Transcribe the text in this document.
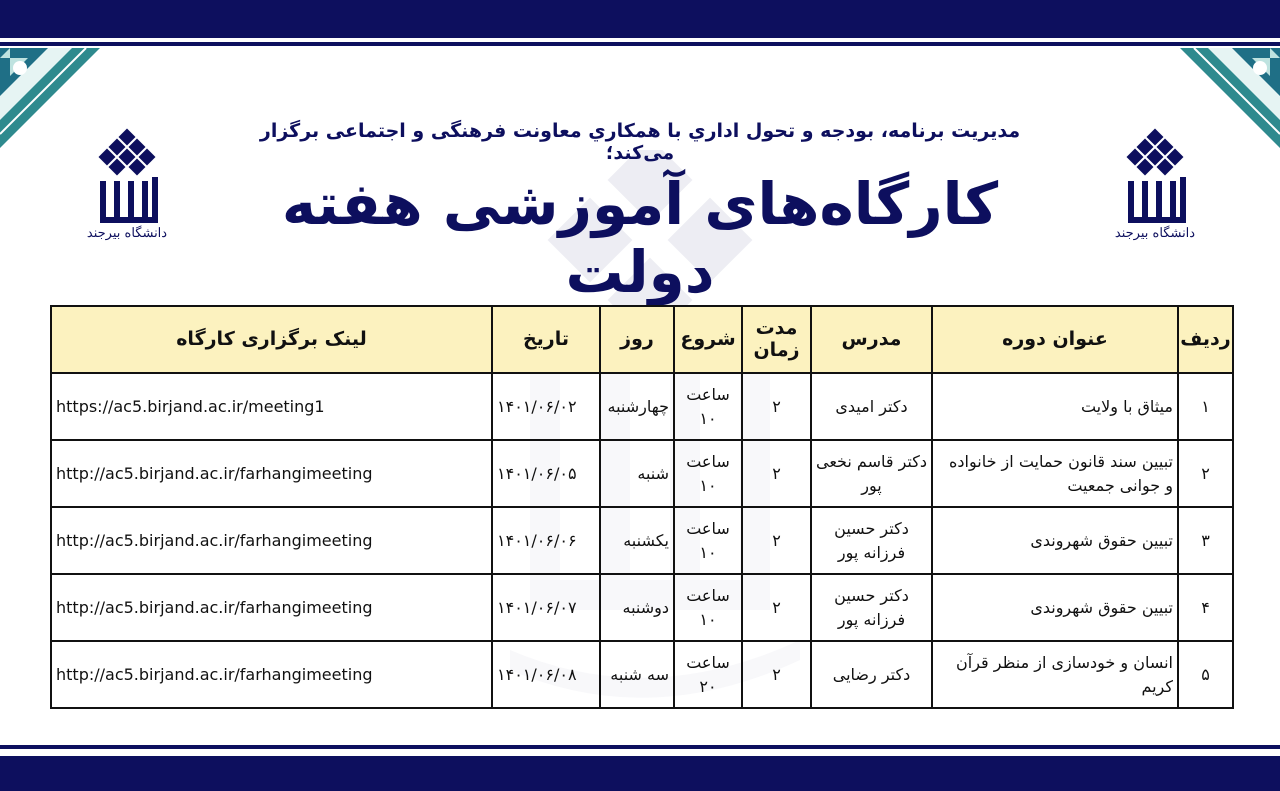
دانشگاه بیرجند	دانشگاه بیرجند
مديريت برنامه، بودجه و تحول اداري با همکاري معاونت فرهنگی و اجتماعی برگزار می‌کند؛
کارگاه‌های آموزشی هفته دولت
ردیف	عنوان دوره	مدرس	مدت زمان	شروع	روز	تاریخ	لینک برگزاری کارگاه
۱	میثاق با ولایت	دکتر امیدی	۲	ساعت ۱۰	چهارشنبه	۱۴۰۱/۰۶/۰۲	https://ac5.birjand.ac.ir/meeting1
۲	تبیین سند قانون حمایت از خانواده و جوانی جمعیت	دکتر قاسم نخعی پور	۲	ساعت ۱۰	شنبه	۱۴۰۱/۰۶/۰۵	http://ac5.birjand.ac.ir/farhangimeeting
۳	تبیین حقوق شهروندی	دکتر حسین فرزانه پور	۲	ساعت ۱۰	یکشنبه	۱۴۰۱/۰۶/۰۶	http://ac5.birjand.ac.ir/farhangimeeting
۴	تبیین حقوق شهروندی	دکتر حسین فرزانه پور	۲	ساعت ۱۰	دوشنبه	۱۴۰۱/۰۶/۰۷	http://ac5.birjand.ac.ir/farhangimeeting
۵	انسان و خودسازی از منظر قرآن کریم	دکتر رضایی	۲	ساعت ۲۰	سه شنبه	۱۴۰۱/۰۶/۰۸	http://ac5.birjand.ac.ir/farhangimeeting
